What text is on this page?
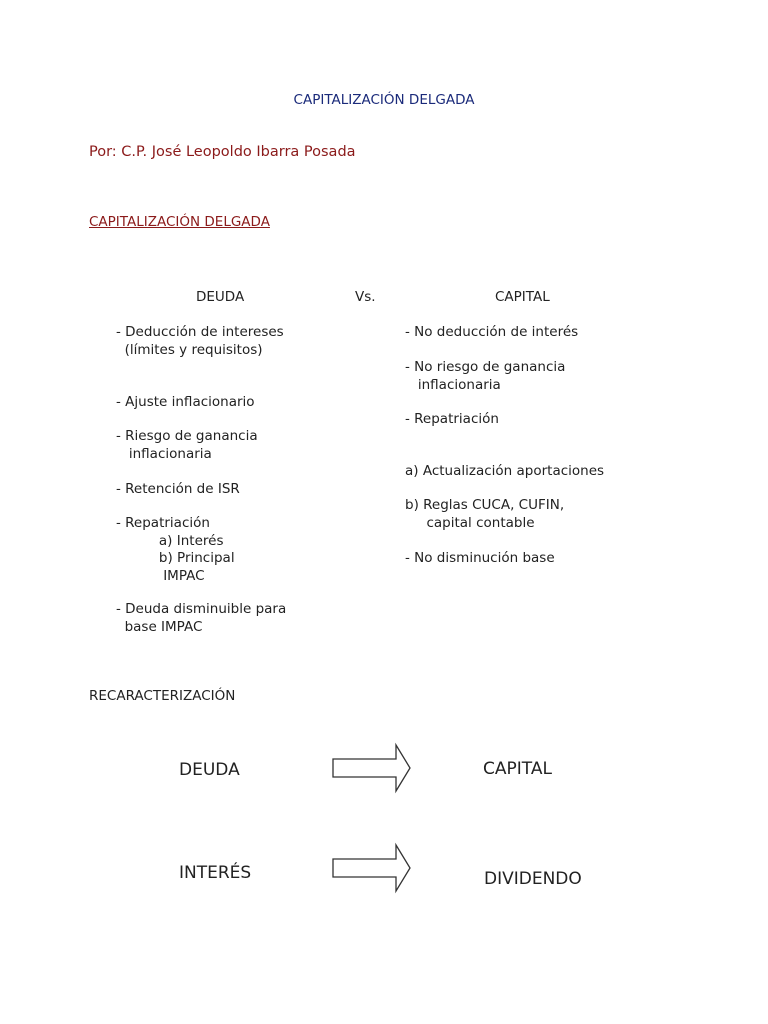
CAPITALIZACIÓN DELGADA
Por: C.P. José Leopoldo Ibarra Posada
CAPITALIZACIÓN DELGADA
DEUDA	Vs.	CAPITAL
- Deducción de intereses
(límites y requisitos)
- Ajuste inflacionario
- Riesgo de ganancia
inflacionaria
- Retención de ISR
- Repatriación
a) Interés
b) Principal
IMPAC
- Deuda disminuible para
base IMPAC
- No deducción de interés
- No riesgo de ganancia
inflacionaria
- Repatriación
a) Actualización aportaciones
b) Reglas CUCA, CUFIN,
capital contable
- No disminución base
RECARACTERIZACIÓN
DEUDA	CAPITAL
INTERÉS	DIVIDENDO
